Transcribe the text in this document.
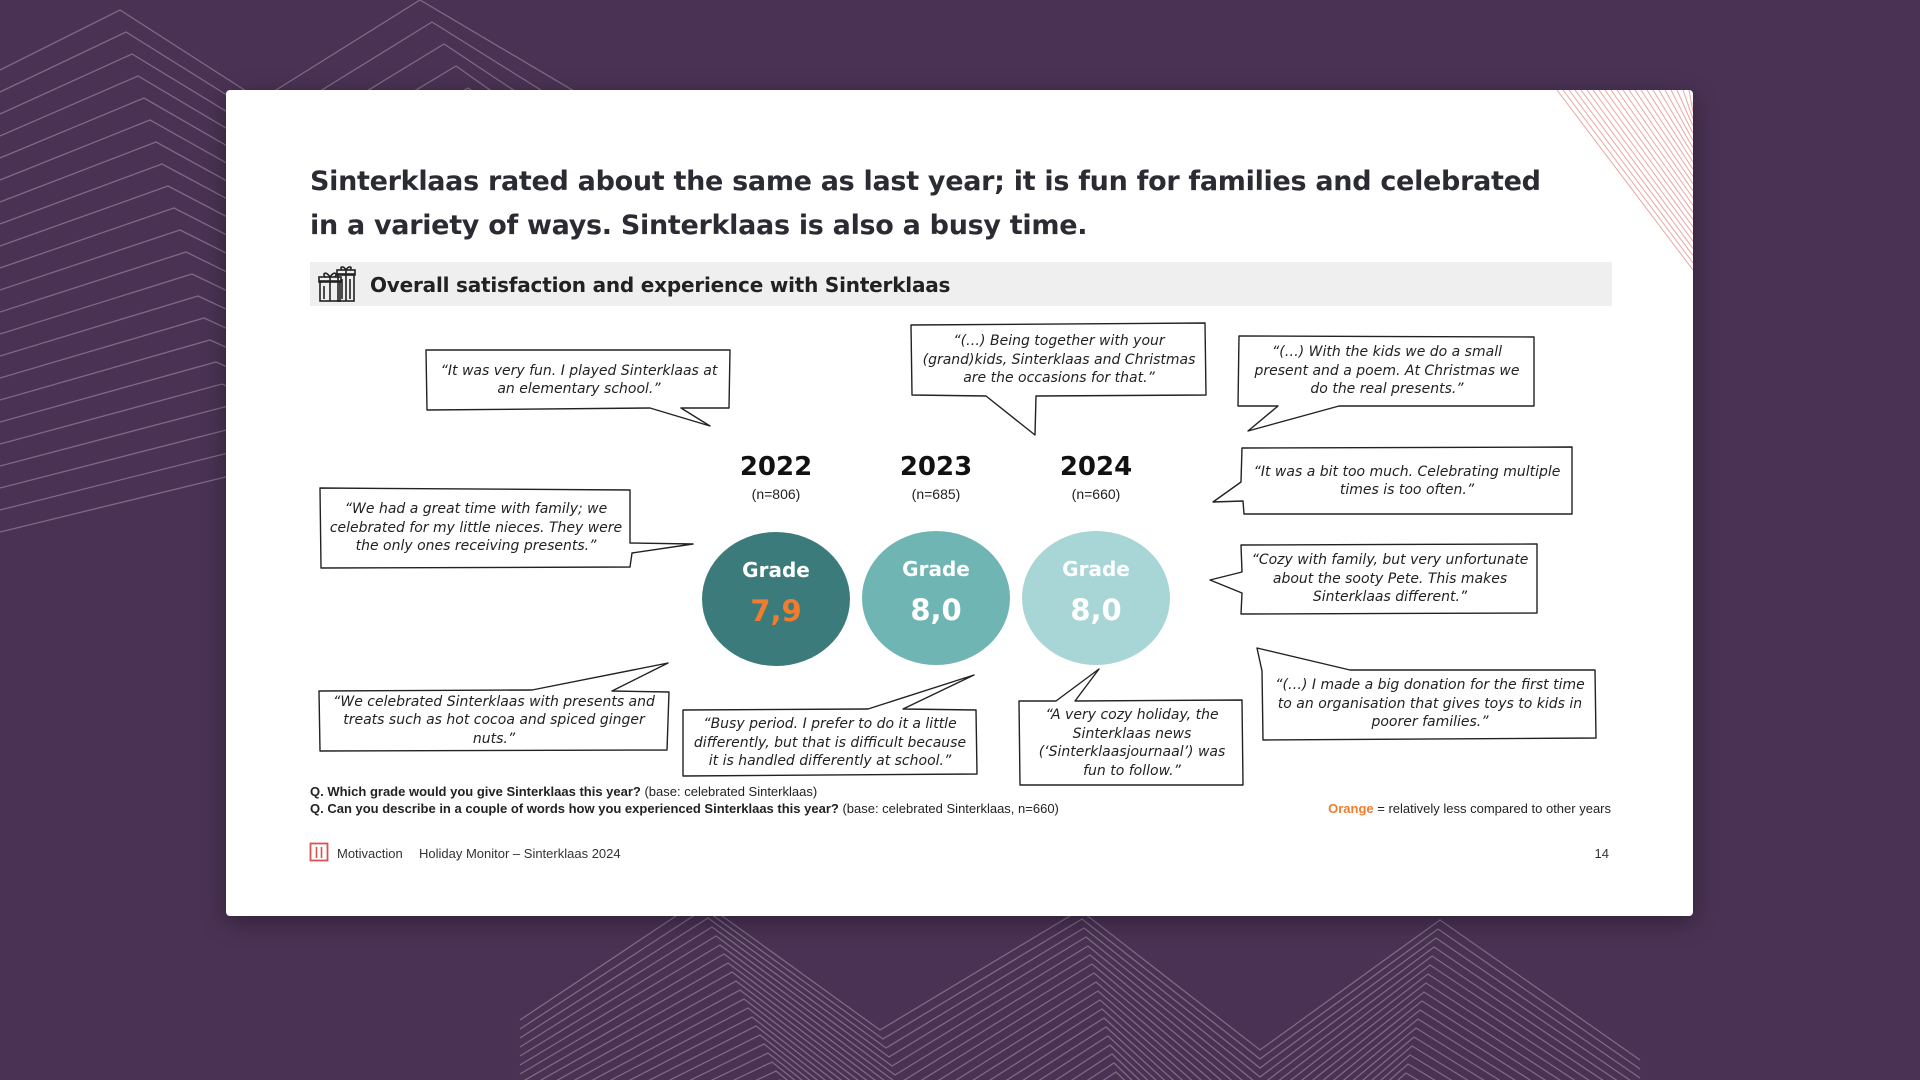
Sinterklaas rated about the same as last year; it is fun for families and celebrated in a variety of ways. Sinterklaas is also a busy time.
Overall satisfaction and experience with Sinterklaas
“It was very fun. I played Sinterklaas at an elementary school.”
“(…) Being together with your (grand)kids, Sinterklaas and Christmas are the occasions for that.”
“(…) With the kids we do a small present and a poem. At Christmas we do the real presents.”
“We had a great time with family; we celebrated for my little nieces. They were the only ones receiving presents.”
“It was a bit too much. Celebrating multiple times is too often.”
“Cozy with family, but very unfortunate about the sooty Pete. This makes Sinterklaas different.”
“We celebrated Sinterklaas with presents and treats such as hot cocoa and spiced ginger nuts.”
“Busy period. I prefer to do it a little differently, but that is difficult because it is handled differently at school.”
“A very cozy holiday, the Sinterklaas news (‘Sinterklaasjournaal’) was fun to follow.”
“(…) I made a big donation for the first time to an organisation that gives toys to kids in poorer families.”
2022
(n=806)
Grade
7,9
2023
(n=685)
Grade
8,0
2024
(n=660)
Grade
8,0
Q. Which grade would you give Sinterklaas this year? (base: celebrated Sinterklaas)
Q. Can you describe in a couple of words how you experienced Sinterklaas this year? (base: celebrated Sinterklaas, n=660)	Orange = relatively less compared to other years
Motivaction Holiday Monitor – Sinterklaas 2024	14
